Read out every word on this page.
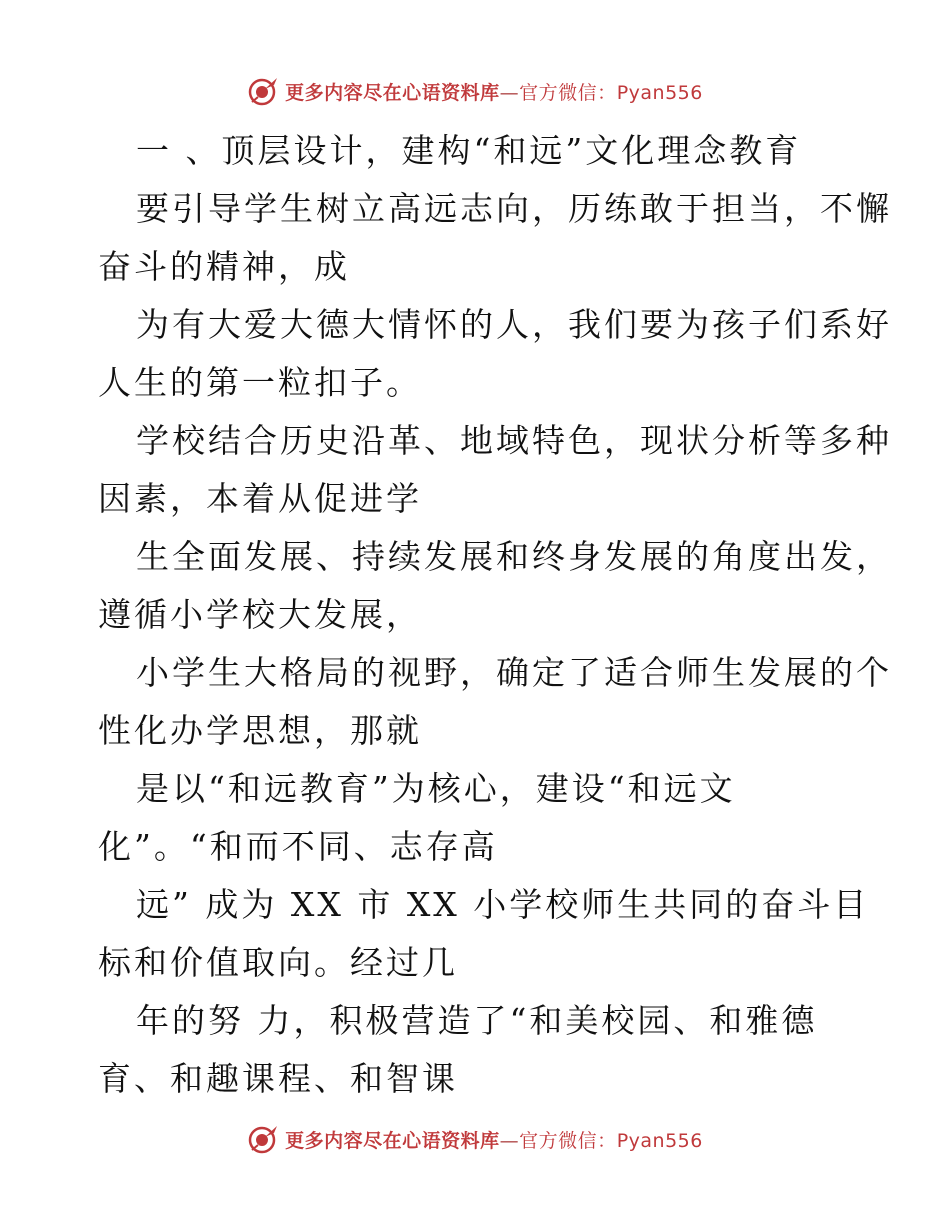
更多内容尽在心语资料库—官方微信：Pyan556
一 、顶层设计，建构“和远”文化理念教育
要引导学生树立高远志向，历练敢于担当，不懈
奋斗的精神，成
为有大爱大德大情怀的人，我们要为孩子们系好
人生的第一粒扣子。
学校结合历史沿革、地域特色，现状分析等多种
因素，本着从促进学
生全面发展、持续发展和终身发展的角度出发，
遵循小学校大发展，
小学生大格局的视野，确定了适合师生发展的个
性化办学思想，那就
是以“和远教育”为核心，建设“和远文
化”。“和而不同、志存高
远” 成为 XX 市 XX 小学校师生共同的奋斗目
标和价值取向。经过几
年的努 力，积极营造了“和美校园、和雅德
育、和趣课程、和智课
更多内容尽在心语资料库—官方微信：Pyan556
